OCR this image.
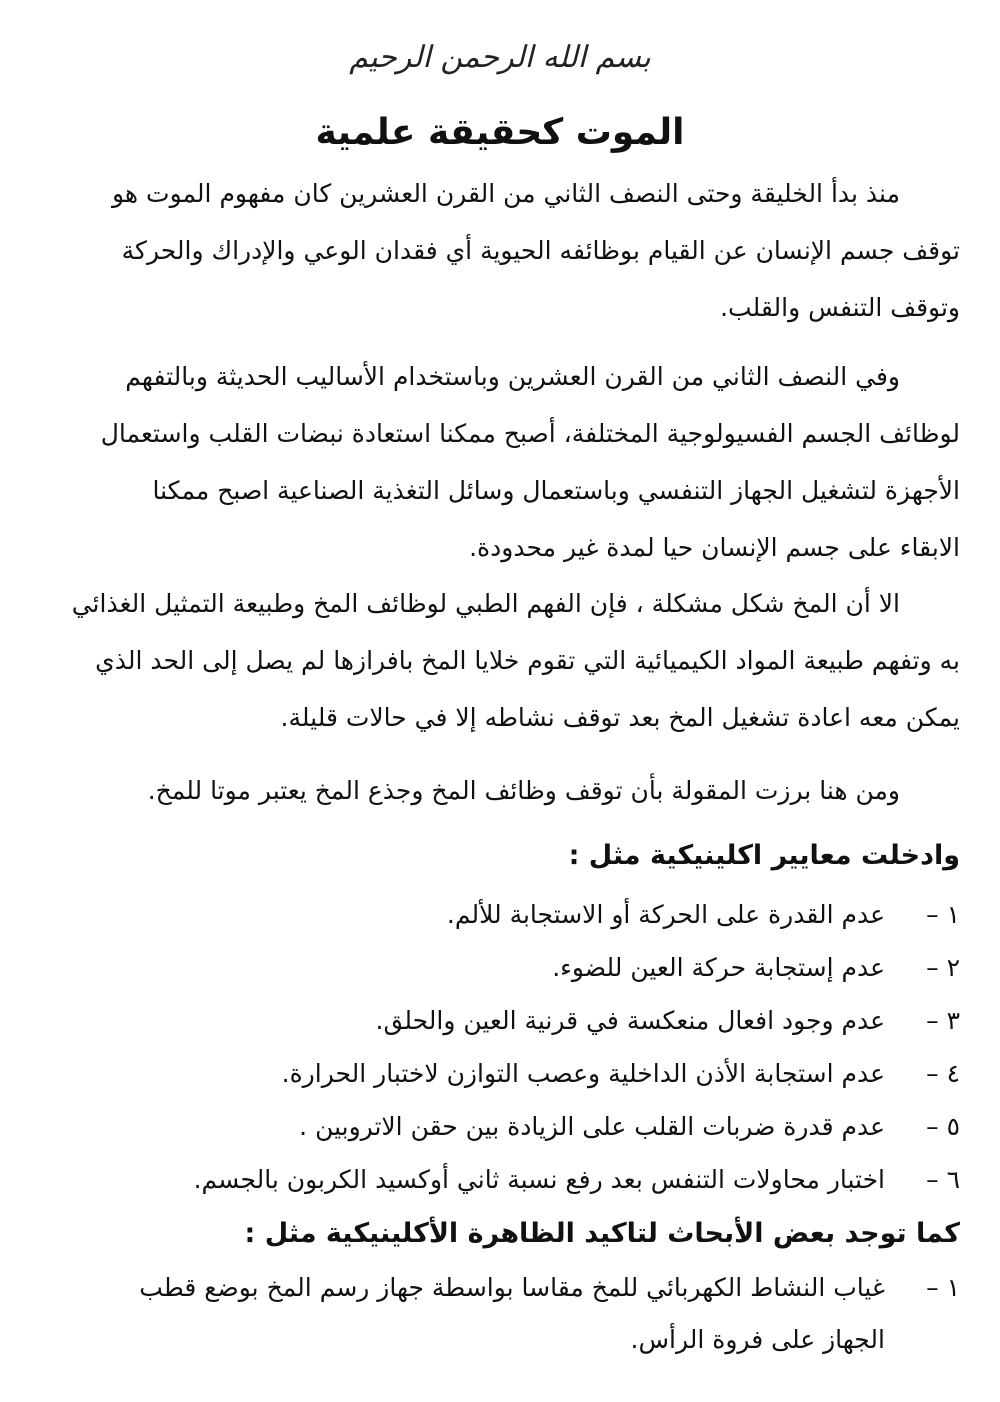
بسم الله الرحمن الرحيم
الموت كحقيقة علمية
منذ بدأ الخليقة وحتى النصف الثاني من القرن العشرين كان مفهوم الموت هو
توقف جسم الإنسان عن القيام بوظائفه الحيوية أي فقدان الوعي والإدراك والحركة
وتوقف التنفس والقلب.
وفي النصف الثاني من القرن العشرين وباستخدام الأساليب الحديثة وبالتفهم
لوظائف الجسم الفسيولوجية المختلفة، أصبح ممكنا استعادة نبضات القلب واستعمال
الأجهزة لتشغيل الجهاز التنفسي وباستعمال وسائل التغذية الصناعية اصبح ممكنا
الابقاء على جسم الإنسان حيا لمدة غير محدودة.
الا أن المخ شكل مشكلة ، فإن الفهم الطبي لوظائف المخ وطبيعة التمثيل الغذائي
به وتفهم طبيعة المواد الكيميائية التي تقوم خلايا المخ بافرازها لم يصل إلى الحد الذي
يمكن معه اعادة تشغيل المخ بعد توقف نشاطه إلا في حالات قليلة.
ومن هنا برزت المقولة بأن توقف وظائف المخ وجذع المخ يعتبر موتا للمخ.
وادخلت معايير اكلينيكية مثل :
١ –
عدم القدرة على الحركة أو الاستجابة للألم.
٢ –
عدم إستجابة حركة العين للضوء.
٣ –
عدم وجود افعال منعكسة في قرنية العين والحلق.
٤ –
عدم استجابة الأذن الداخلية وعصب التوازن لاختبار الحرارة.
٥ –
عدم قدرة ضربات القلب على الزيادة بين حقن الاتروبين .
٦ –
اختبار محاولات التنفس بعد رفع نسبة ثاني أوكسيد الكربون بالجسم.
كما توجد بعض الأبحاث لتاكيد الظاهرة الأكلينيكية مثل :
١ –
غياب النشاط الكهربائي للمخ مقاسا بواسطة جهاز رسم المخ بوضع قطب
الجهاز على فروة الرأس.
